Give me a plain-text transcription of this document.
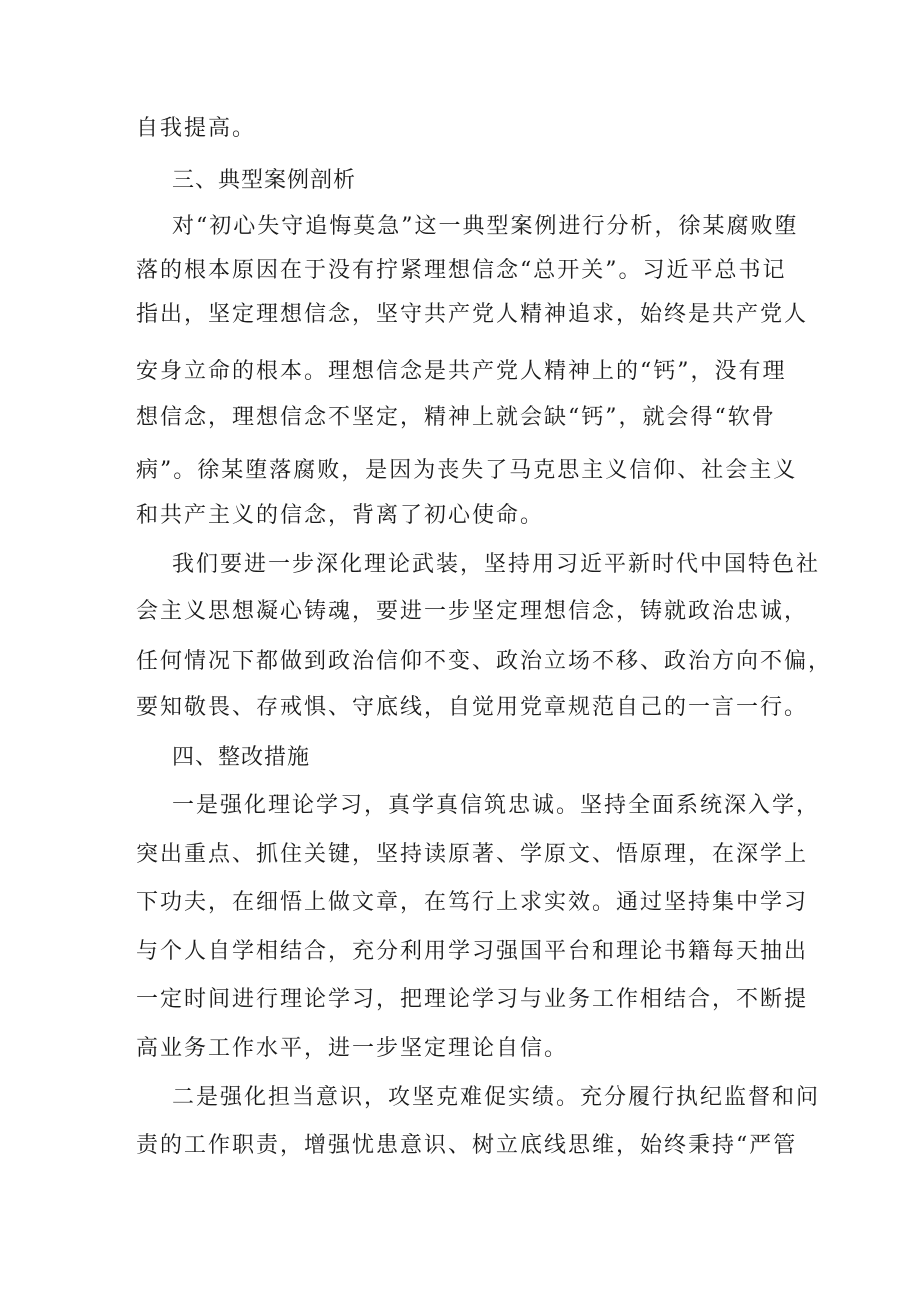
自我提高。
三、典型案例剖析
对“初心失守追悔莫急”这一典型案例进行分析，徐某腐败堕
落的根本原因在于没有拧紧理想信念“总开关”。习近平总书记
指出，坚定理想信念，坚守共产党人精神追求，始终是共产党人
安身立命的根本。理想信念是共产党人精神上的“钙”，没有理
想信念，理想信念不坚定，精神上就会缺“钙”，就会得“软骨
病”。徐某堕落腐败，是因为丧失了马克思主义信仰、社会主义
和共产主义的信念，背离了初心使命。
我们要进一步深化理论武装，坚持用习近平新时代中国特色社
会主义思想凝心铸魂，要进一步坚定理想信念，铸就政治忠诚，
任何情况下都做到政治信仰不变、政治立场不移、政治方向不偏，
要知敬畏、存戒惧、守底线，自觉用党章规范自己的一言一行。
四、整改措施
一是强化理论学习，真学真信筑忠诚。坚持全面系统深入学，
突出重点、抓住关键，坚持读原著、学原文、悟原理，在深学上
下功夫，在细悟上做文章，在笃行上求实效。通过坚持集中学习
与个人自学相结合，充分利用学习强国平台和理论书籍每天抽出
一定时间进行理论学习，把理论学习与业务工作相结合，不断提
高业务工作水平，进一步坚定理论自信。
二是强化担当意识，攻坚克难促实绩。充分履行执纪监督和问
责的工作职责，增强忧患意识、树立底线思维，始终秉持“严管
